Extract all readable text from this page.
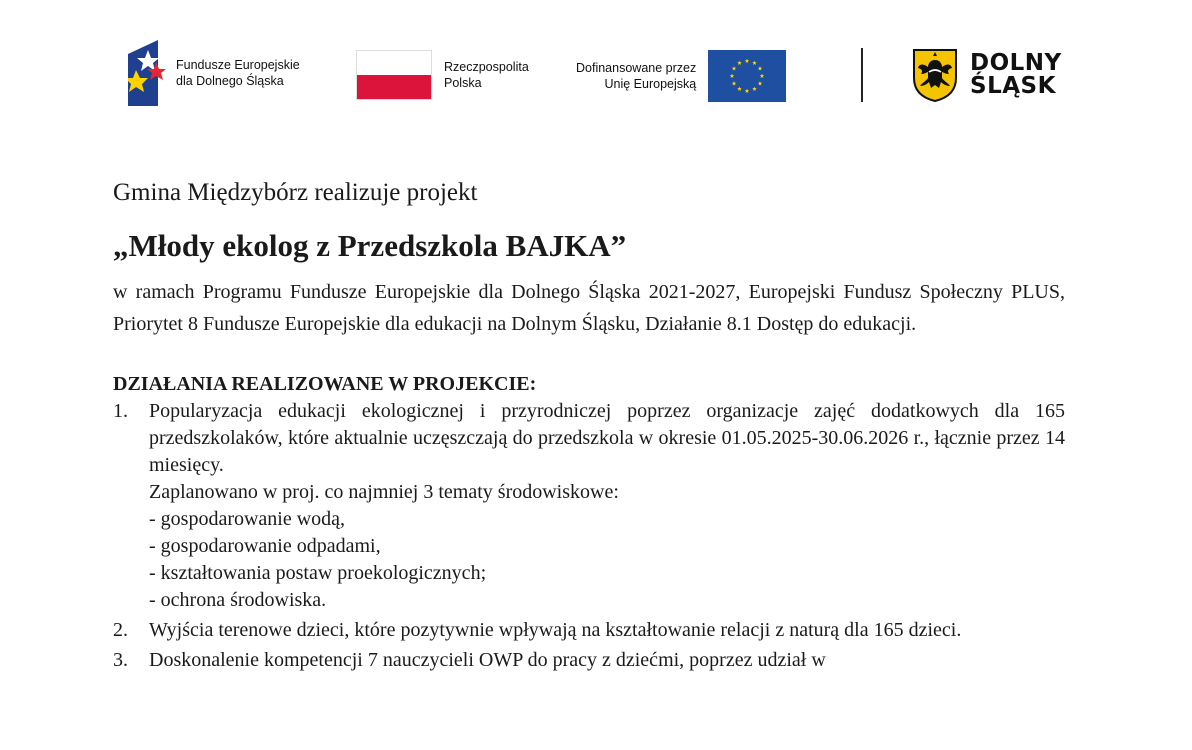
Fundusze Europejskie
dla Dolnego Śląska
Rzeczpospolita
Polska
Dofinansowane przez
Unię Europejską
DOLNY
ŚLĄSK

Gmina Międzybórz realizuje projekt

„Młody ekolog z Przedszkola BAJKA”

w ramach Programu Fundusze Europejskie dla Dolnego Śląska 2021-2027, Europejski Fundusz Społeczny PLUS, Priorytet 8 Fundusze Europejskie dla edukacji na Dolnym Śląsku, Działanie 8.1 Dostęp do edukacji.

DZIAŁANIA REALIZOWANE W PROJEKCIE:
1. Popularyzacja edukacji ekologicznej i przyrodniczej poprzez organizacje zajęć dodatkowych dla 165 przedszkolaków, które aktualnie uczęszczają do przedszkola w okresie 01.05.2025-30.06.2026 r., łącznie przez 14 miesięcy.
Zaplanowano w proj. co najmniej 3 tematy środowiskowe:
- gospodarowanie wodą,
- gospodarowanie odpadami,
- kształtowania postaw proekologicznych;
- ochrona środowiska.
2. Wyjścia terenowe dzieci, które pozytywnie wpływają na kształtowanie relacji z naturą dla 165 dzieci.
3. Doskonalenie kompetencji 7 nauczycieli OWP do pracy z dziećmi, poprzez udział w
